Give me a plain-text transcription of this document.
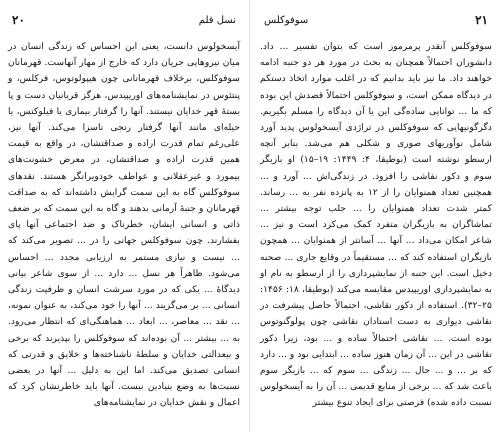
نسل قلم
۲۰

آیسخولوس دانست، یعنی این احساس که زندگی انسان در میان نیروهایی جریان دارد که خارج از مهار آنهاست. قهرمانان سوفوکلس، برخلاف قهرمانانی چون هیپولوتوس، فرکلس، و پنتئوس در نمایشنامه‌های اوریپیدس، هرگز قربانیان دست و پا بستهٔ قهر خدایان نیستند. آنها را گرفتار بیماری یا فیلوکتس، یا حیله‌ای مانند آنها گرفتار رنجی ناسزا می‌کند. آنها نیز، علی‌رغم تمام قدرت اراده و صداقتشان، در واقع به قیمت همین قدرت اراده و صداقتشان، در معرض خشونت‌های بیمورد و غیرعقلانی و عواطف خودویرانگر هستند. نقدهای سوفوکلس گاه به این سمت گرایش داشته‌اند که به صداقت قهرمانان و جنبهٔ آرمانی بدهند و گاه به این سمت که بر ضعف ذاتی و انسانی ایشان، خطرناک و ضد اجتماعی آنها پای بفشارند. چون سوفوکلس جهانی را در ... تصویر می‌کند که ... نیست و نیازی مستمر به ارزیابی مجدد ... احساس می‌شود. ظاهراً هر نسل ... دارد ... از سوی شاعر بیانی دیدگاهٔ ... یکی که در مورد سرشت انسان و ظرفیت زندگی انسانی ... بر می‌گزیند ... آنها را خود می‌کند، به عنوان نمونه، ... نقد ... معاصر، ... ابعاد ... هماهنگی‌ای که انتظار می‌رود. به ... بیشتر ... آن بوده‌اند که سوفوکلس را بپذیرند که برخی و بیعدالتی خدایان و سلطهٔ ناشناخته‌ها و خلایق و قدرتی که انسانی تصدیق می‌کند. اما این به دلیل ... آنها در بعضی نسبت‌ها به وضع بنیادین نیست. آنها باید خاطرنشان کرد که اعمال و نقش خدایان در نمایشنامه‌های

۲۱
سوفوکلس

سوفوکلس آنقدر پرمرموز است که بتوان تفسیر ... داد. دانشوران احتمالاً همچنان به بحث در مورد هر دو جنبه ادامه خواهند داد. ما نیز باید بدانیم که در اغلب موارد اتخاذ دستکم در دیدگاه ممکن است، و سوفوکلس احتمالاً قصدش این بوده که ما ... توانایی ساده‌گی این یا آن دیدگاه را مسلم بگیریم. دگرگونیهایی که سوفوکلس در تراژدی آیسخولوس پدید آورد شامل نوآوریهای صوری و شکلی هم می‌شد. بنابر آنچه ارسطو نوشته است (بوطیقا، ۴: ۱۴۴۹: ۱۹–۱۵) او بازیگر سوم و دکور نقاشی را افزود. در زندگی‌اش ... آورد و ... همچنین تعداد همنوایان را از ۱۲ به پانزده نفر به ... رساند. کمتر شدت تعداد همنوایان را ... جلب توجه بیشتر ... تماشاگران به بازیگران متفرد کمک می‌کرد است و نیز ... شاعر امکان می‌داد ... آنها ... آسانتر از همنوایان ... همچون بازیگران استفاده کند که ... مستقیماً در وقایع جاری ... صحنه دخیل است. این جنبه از نمایشپردازی را از ارسطو به نام او به نمایشپردازی اوریپیدس مقایسه می‌کند (بوطیقا، ۱۸: ۱۴۵۶: ۲۵–۳۲). استفاده از دکور نقاشی، احتمالاً حاصل پیشرفت در نقاشی دیواری به دست استادان نقاشی چون پولوگنوتوس بوده است. ... نقاشی احتمالاً ساده و ... بود، زیرا دکور نقاشی در این ... آن زمان هنوز ساده ... ابتدایی بود و ... دارد که بر ... و ... حال ... زندگی ... سوم که ... بازیگر سوم باعث شد که ... برخی از منابع قدیمی ... آن را به آیسخولوس نسبت داده شده) فرصتی برای ایجاد تنوع بیشتر
